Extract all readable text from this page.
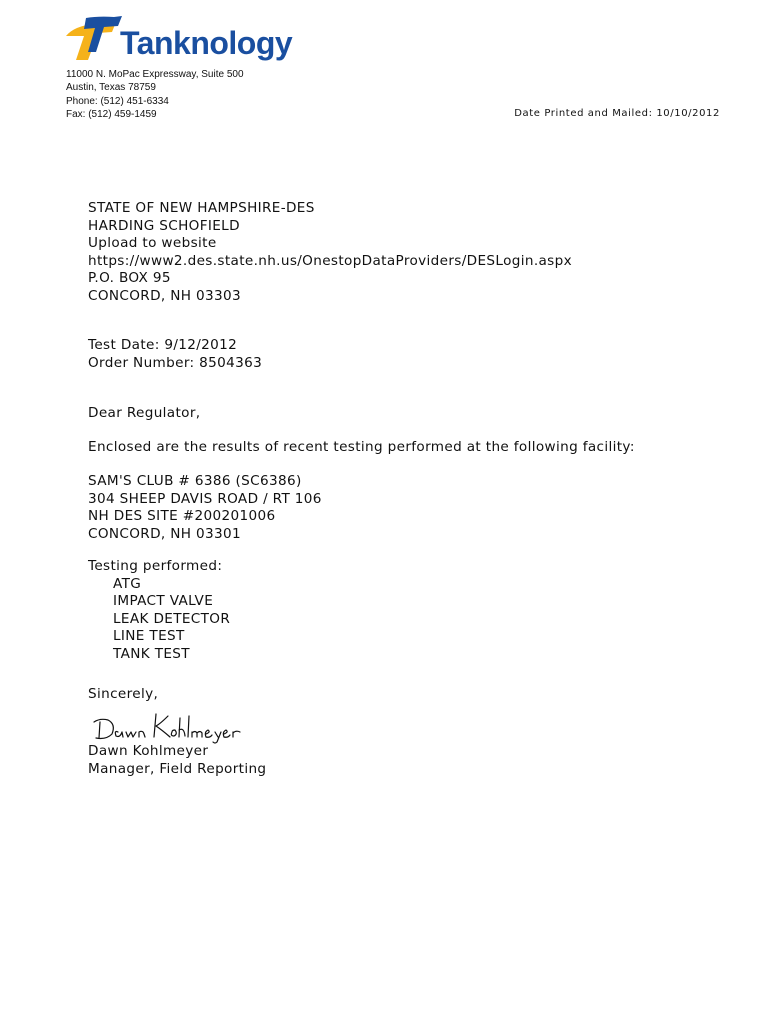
Tanknology
11000 N. MoPac Expressway, Suite 500
Austin, Texas 78759
Phone: (512) 451-6334
Fax: (512) 459-1459	Date Printed and Mailed: 10/10/2012
STATE OF NEW HAMPSHIRE-DES
HARDING SCHOFIELD
Upload to website
https://www2.des.state.nh.us/OnestopDataProviders/DESLogin.aspx
P.O. BOX 95
CONCORD, NH 03303
Test Date: 9/12/2012
Order Number: 8504363
Dear Regulator,
Enclosed are the results of recent testing performed at the following facility:
SAM'S CLUB # 6386 (SC6386)
304 SHEEP DAVIS ROAD / RT 106
NH DES SITE #200201006
CONCORD, NH 03301
Testing performed:
ATG
IMPACT VALVE
LEAK DETECTOR
LINE TEST
TANK TEST
Sincerely,
Dawn Kohlmeyer
Manager, Field Reporting
